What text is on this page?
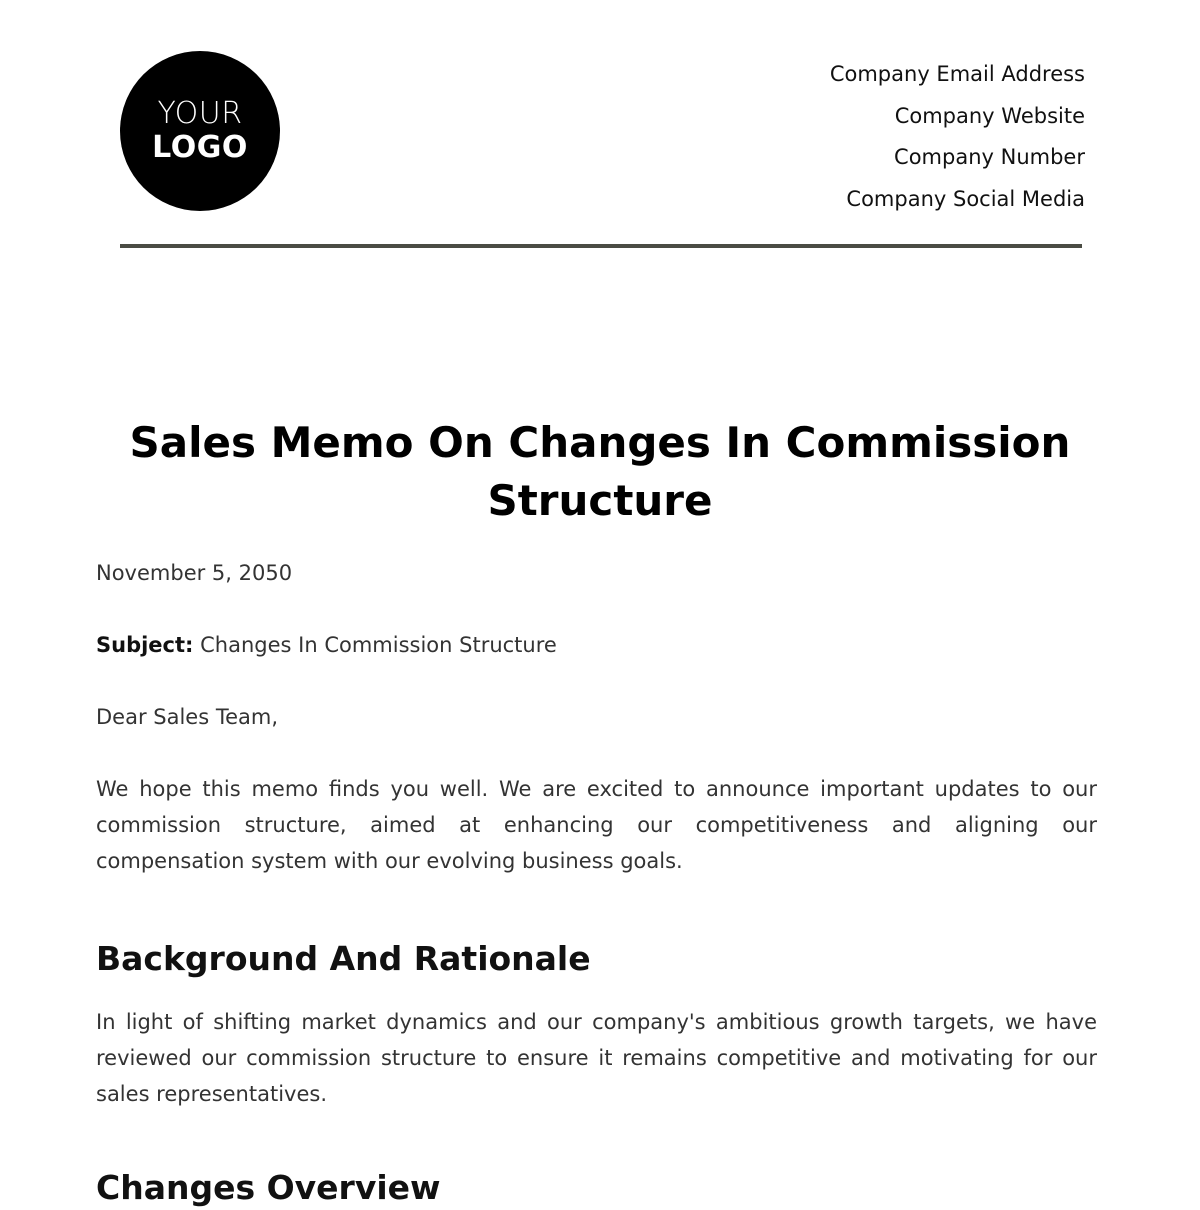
YOUR
LOGO
Company Email Address
Company Website
Company Number
Company Social Media
Sales Memo On Changes In Commission Structure

November 5, 2050

Subject: Changes In Commission Structure

Dear Sales Team,

We hope this memo finds you well. We are excited to announce important updates to our commission structure, aimed at enhancing our competitiveness and aligning our compensation system with our evolving business goals.

Background And Rationale

In light of shifting market dynamics and our company's ambitious growth targets, we have reviewed our commission structure to ensure it remains competitive and motivating for our sales representatives.

Changes Overview
